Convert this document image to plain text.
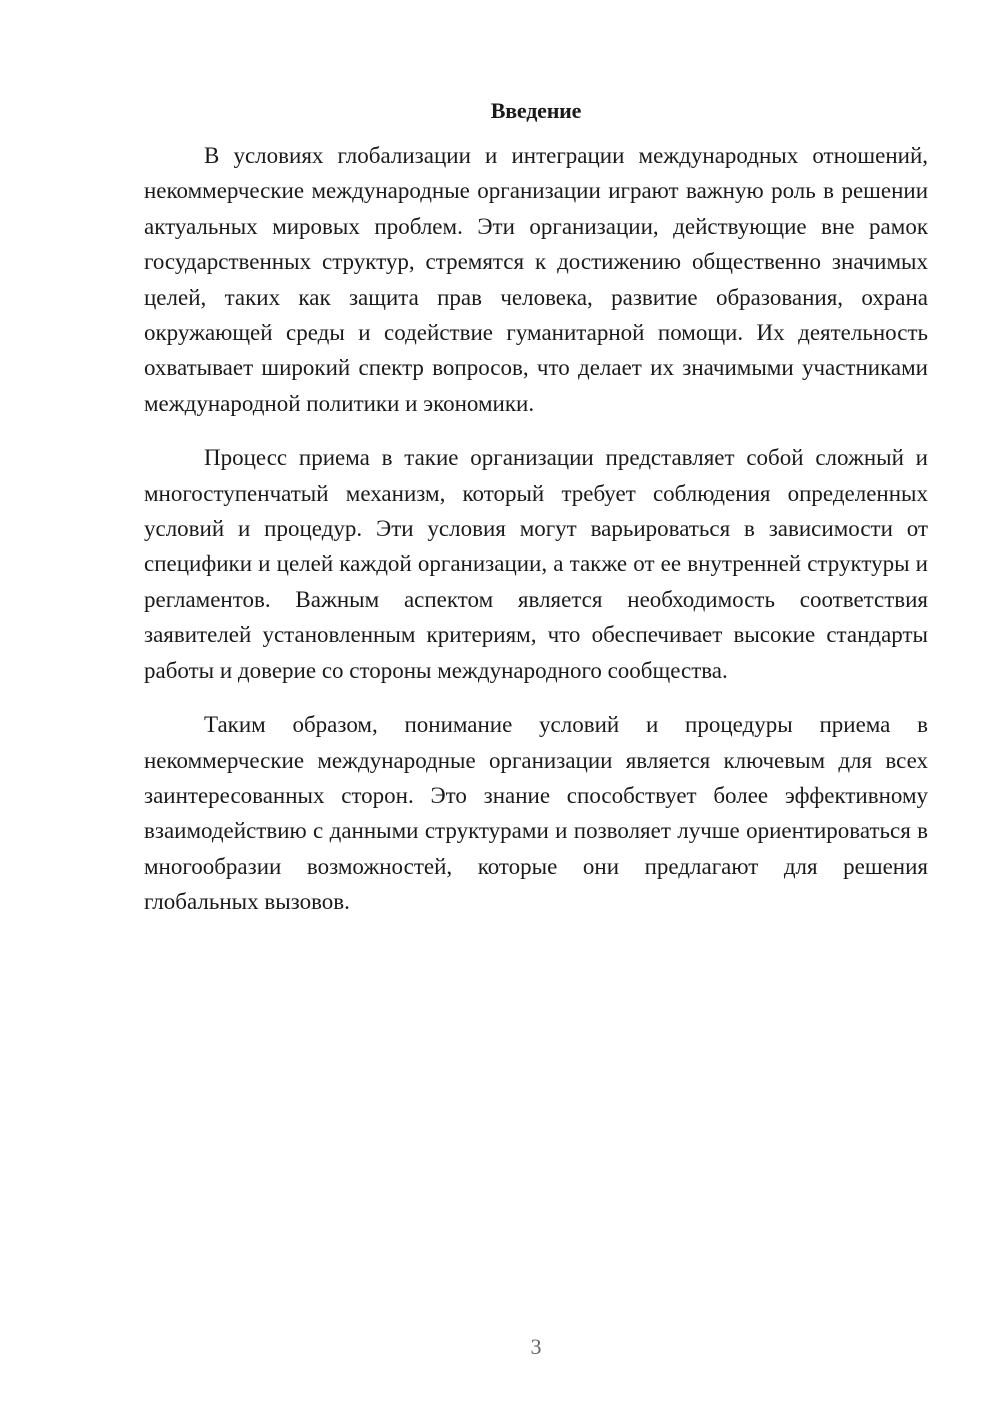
Введение

В условиях глобализации и интеграции международных отношений, некоммерческие международные организации играют важную роль в решении актуальных мировых проблем. Эти организации, действующие вне рамок государственных структур, стремятся к достижению общественно значимых целей, таких как защита прав человека, развитие образования, охрана окружающей среды и содействие гуманитарной помощи. Их деятельность охватывает широкий спектр вопросов, что делает их значимыми участниками международной политики и экономики.

Процесс приема в такие организации представляет собой сложный и многоступенчатый механизм, который требует соблюдения определенных условий и процедур. Эти условия могут варьироваться в зависимости от специфики и целей каждой организации, а также от ее внутренней структуры и регламентов. Важным аспектом является необходимость соответствия заявителей установленным критериям, что обеспечивает высокие стандарты работы и доверие со стороны международного сообщества.

Таким образом, понимание условий и процедуры приема в некоммерческие международные организации является ключевым для всех заинтересованных сторон. Это знание способствует более эффективному взаимодействию с данными структурами и позволяет лучше ориентироваться в многообразии возможностей, которые они предлагают для решения глобальных вызовов.

3
